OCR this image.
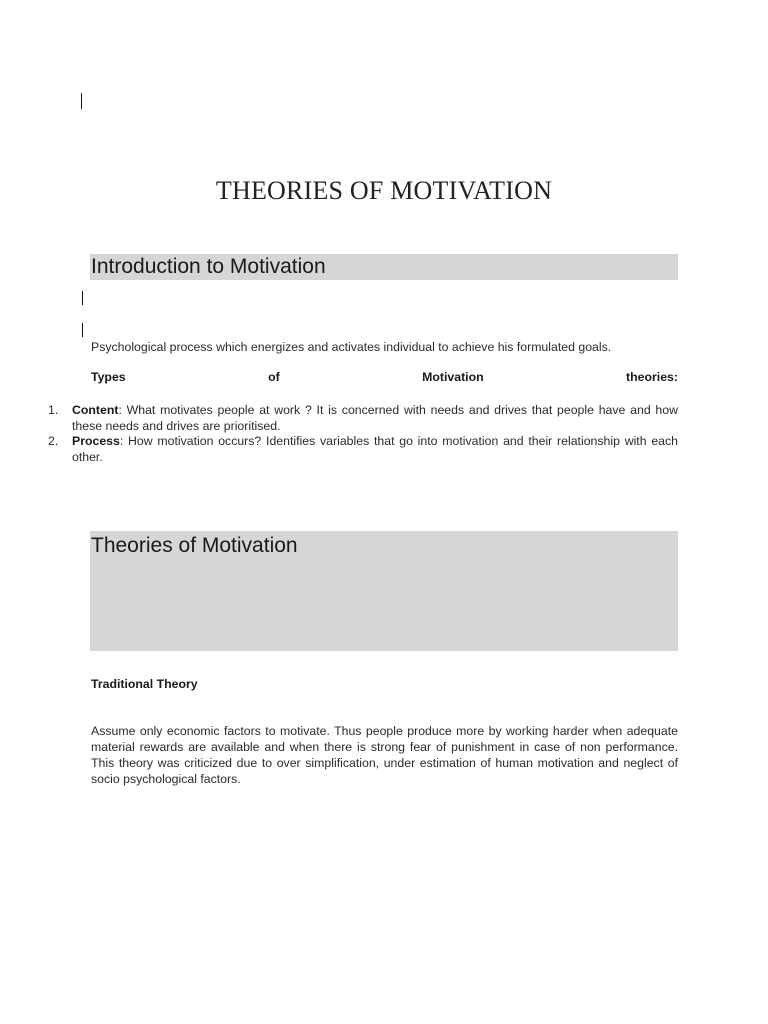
THEORIES OF MOTIVATION
Introduction to Motivation
Psychological process which energizes and activates individual to achieve his formulated goals.
Types	of	Motivation	theories:
1.	Content: What motivates people at work ? It is concerned with needs and drives that people have and how these needs and drives are prioritised.
2.	Process: How motivation occurs? Identifies variables that go into motivation and their relationship with each other.
Theories of Motivation
Traditional Theory
Assume only economic factors to motivate. Thus people produce more by working harder when adequate material rewards are available and when there is strong fear of punishment in case of non performance. This theory was criticized due to over simplification, under estimation of human motivation and neglect of socio psychological factors.
